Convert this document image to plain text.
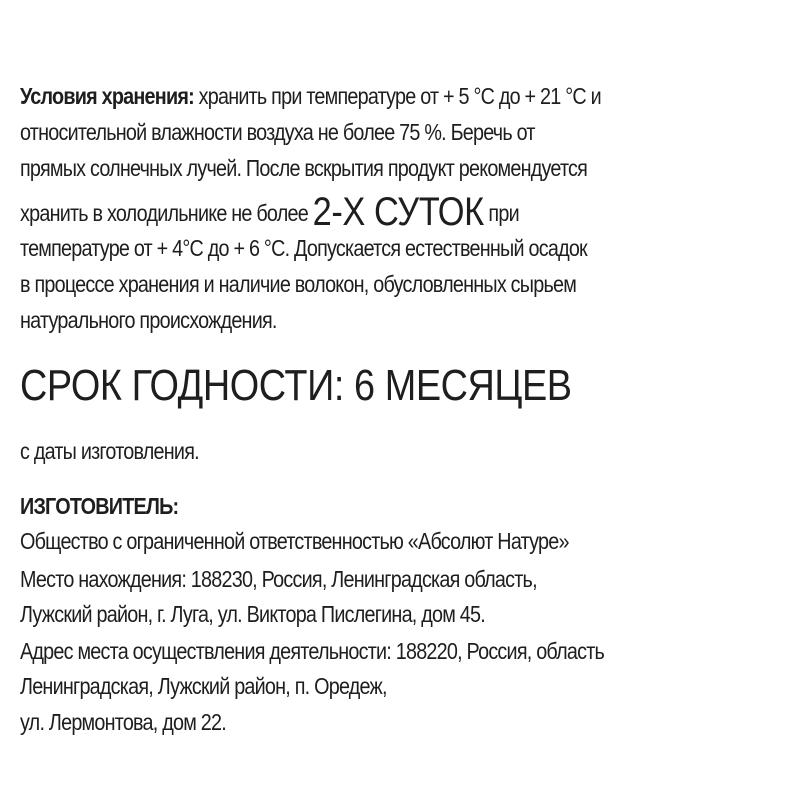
Условия хранения: хранить при температуре от + 5 °С до + 21 °С и
относительной влажности воздуха не более 75 %. Беречь от
прямых солнечных лучей. После вскрытия продукт рекомендуется
хранить в холодильнике не более 2-Х СУТОК при
температуре от + 4°С до + 6 °С. Допускается естественный осадок
в процессе хранения и наличие волокон, обусловленных сырьем
натурального происхождения.
СРОК ГОДНОСТИ: 6 МЕСЯЦЕВ
с даты изготовления.
ИЗГОТОВИТЕЛЬ:
Общество с ограниченной ответственностью «Абсолют Натуре»
Место нахождения: 188230, Россия, Ленинградская область,
Лужский район, г. Луга, ул. Виктора Пислегина, дом 45.
Адрес места осуществления деятельности: 188220, Россия, область
Ленинградская, Лужский район, п. Оредеж,
ул. Лермонтова, дом 22.
